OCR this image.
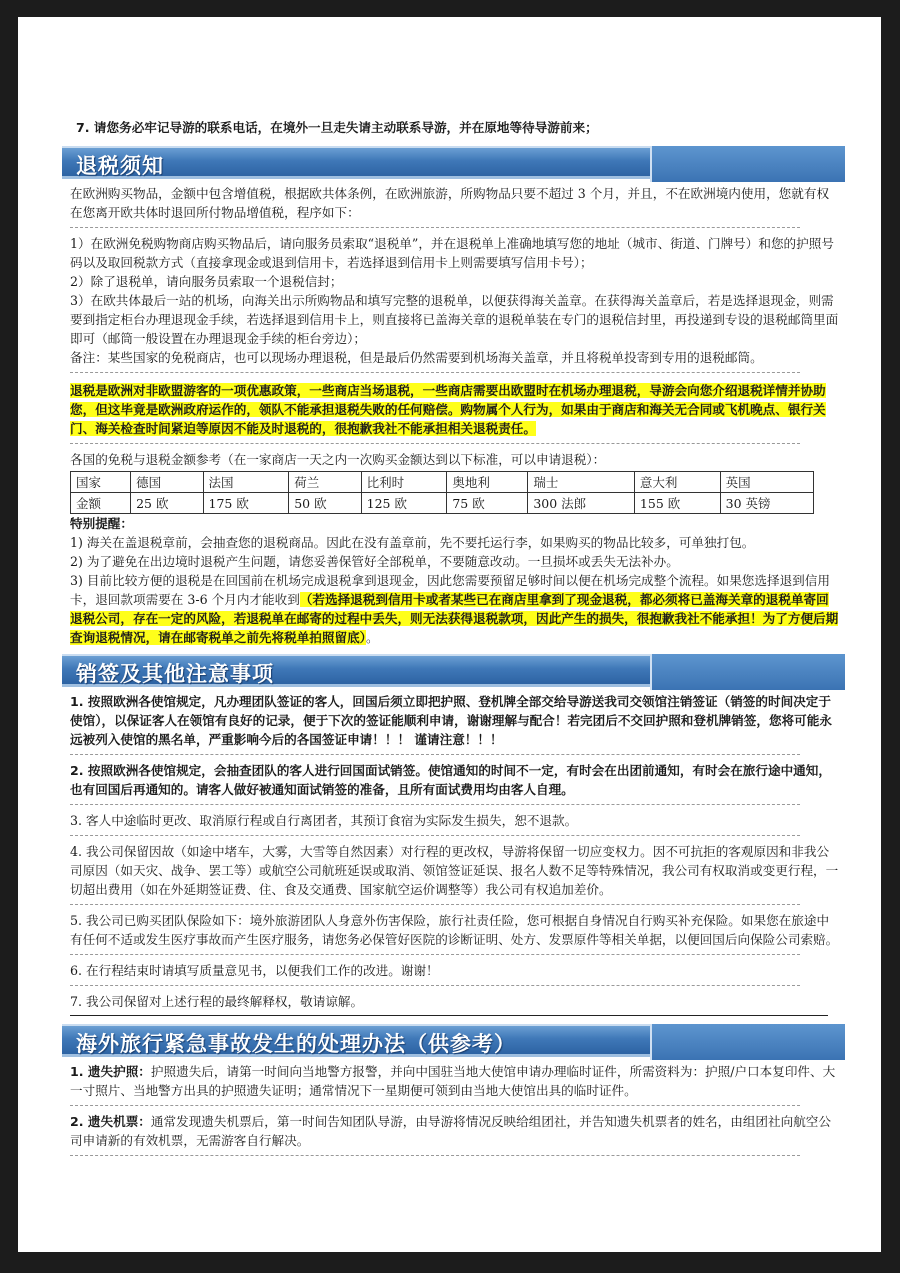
7. 请您务必牢记导游的联系电话，在境外一旦走失请主动联系导游，并在原地等待导游前来；
退税须知
在欧洲购买物品，金额中包含增值税，根据欧共体条例，在欧洲旅游，所购物品只要不超过 3 个月，并且，不在欧洲境内使用，您就有权在您离开欧共体时退回所付物品增值税，程序如下：
1）在欧洲免税购物商店购买物品后，请向服务员索取“退税单”，并在退税单上准确地填写您的地址（城市、街道、门牌号）和您的护照号码以及取回税款方式（直接拿现金或退到信用卡，若选择退到信用卡上则需要填写信用卡号）；
2）除了退税单，请向服务员索取一个退税信封；
3）在欧共体最后一站的机场，向海关出示所购物品和填写完整的退税单，以便获得海关盖章。在获得海关盖章后，若是选择退现金，则需要到指定柜台办理退现金手续，若选择退到信用卡上，则直接将已盖海关章的退税单装在专门的退税信封里，再投递到专设的退税邮筒里面即可（邮筒一般设置在办理退现金手续的柜台旁边）；
备注：某些国家的免税商店，也可以现场办理退税，但是最后仍然需要到机场海关盖章，并且将税单投寄到专用的退税邮筒。
退税是欧洲对非欧盟游客的一项优惠政策，一些商店当场退税，一些商店需要出欧盟时在机场办理退税，导游会向您介绍退税详情并协助您，但这毕竟是欧洲政府运作的，领队不能承担退税失败的任何赔偿。购物属个人行为，如果由于商店和海关无合同或飞机晚点、银行关门、海关检查时间紧迫等原因不能及时退税的，很抱歉我社不能承担相关退税责任。
各国的免税与退税金额参考（在一家商店一天之内一次购买金额达到以下标准，可以申请退税）：
国家	德国	法国	荷兰	比利时	奥地利	瑞士	意大利	英国
金额	25 欧	175 欧	50 欧	125 欧	75 欧	300 法郎	155 欧	30 英镑
特别提醒：
1) 海关在盖退税章前，会抽查您的退税商品。因此在没有盖章前，先不要托运行李，如果购买的物品比较多，可单独打包。
2) 为了避免在出边境时退税产生问题，请您妥善保管好全部税单，不要随意改动。一旦损坏或丢失无法补办。
3) 目前比较方便的退税是在回国前在机场完成退税拿到退现金，因此您需要预留足够时间以便在机场完成整个流程。如果您选择退到信用卡，退回款项需要在 3-6 个月内才能收到（若选择退税到信用卡或者某些已在商店里拿到了现金退税，都必须将已盖海关章的退税单寄回退税公司，存在一定的风险，若退税单在邮寄的过程中丢失，则无法获得退税款项，因此产生的损失，很抱歉我社不能承担！为了方便后期查询退税情况，请在邮寄税单之前先将税单拍照留底）。
销签及其他注意事项
1. 按照欧洲各使馆规定，凡办理团队签证的客人，回国后须立即把护照、登机牌全部交给导游送我司交领馆注销签证（销签的时间决定于使馆），以保证客人在领馆有良好的记录，便于下次的签证能顺利申请，谢谢理解与配合！若完团后不交回护照和登机牌销签，您将可能永远被列入使馆的黑名单，严重影响今后的各国签证申请！！！ 谨请注意！！！
2. 按照欧洲各使馆规定，会抽查团队的客人进行回国面试销签。使馆通知的时间不一定，有时会在出团前通知，有时会在旅行途中通知，也有回国后再通知的。请客人做好被通知面试销签的准备，且所有面试费用均由客人自理。
3. 客人中途临时更改、取消原行程或自行离团者，其预订食宿为实际发生损失，恕不退款。
4. 我公司保留因故（如途中堵车，大雾，大雪等自然因素）对行程的更改权，导游将保留一切应变权力。因不可抗拒的客观原因和非我公司原因（如天灾、战争、罢工等）或航空公司航班延误或取消、领馆签证延误、报名人数不足等特殊情况，我公司有权取消或变更行程，一切超出费用（如在外延期签证费、住、食及交通费、国家航空运价调整等）我公司有权追加差价。
5. 我公司已购买团队保险如下：境外旅游团队人身意外伤害保险，旅行社责任险，您可根据自身情况自行购买补充保险。如果您在旅途中有任何不适或发生医疗事故而产生医疗服务，请您务必保管好医院的诊断证明、处方、发票原件等相关单据，以便回国后向保险公司索赔。
6. 在行程结束时请填写质量意见书，以便我们工作的改进。谢谢！
7. 我公司保留对上述行程的最终解释权，敬请谅解。
海外旅行紧急事故发生的处理办法（供参考）
1. 遗失护照：护照遗失后，请第一时间向当地警方报警，并向中国驻当地大使馆申请办理临时证件，所需资料为：护照/户口本复印件、大一寸照片、当地警方出具的护照遗失证明；通常情况下一星期便可领到由当地大使馆出具的临时证件。
2. 遗失机票：通常发现遗失机票后，第一时间告知团队导游，由导游将情况反映给组团社，并告知遗失机票者的姓名，由组团社向航空公司申请新的有效机票，无需游客自行解决。
